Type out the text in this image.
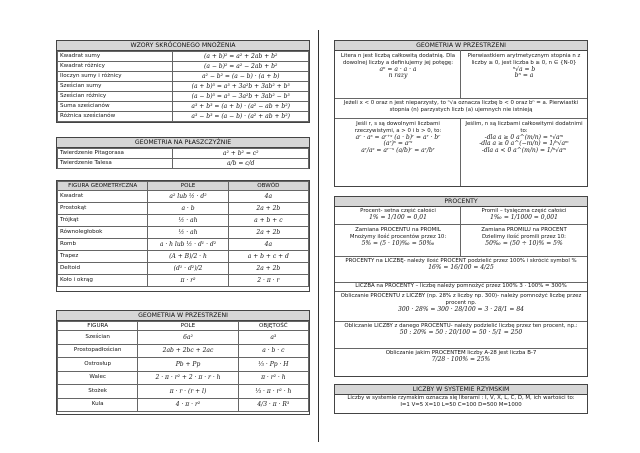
WZORY SKRÓCONEGO MNOŻENIA
Kwadrat sumy	(a + b)² = a² + 2ab + b²
Kwadrat różnicy	(a − b)² = a² − 2ab + b²
Iloczyn sumy i różnicy	a² − b² = (a − b) · (a + b)
Sześcian sumy	(a + b)³ = a³ + 3a²b + 3ab² + b³
Sześcian różnicy	(a − b)³ = a³ − 3a²b + 3ab² − b³
Suma sześcianów	a³ + b³ = (a + b) · (a² − ab + b²)
Różnica sześcianów	a³ − b³ = (a − b) · (a² + ab + b²)
GEOMETRIA NA PŁASZCZYŹNIE
Twierdzenie Pitagorasa	a² + b² = c²
Twierdzenie Talesa	a/b = c/d
FIGURA GEOMETRYCZNA	POLE	OBWÓD
Kwadrat	a² lub ½ · d²	4a
Prostokąt	a · b	2a + 2b
Trójkąt	½ · ah	a + b + c
Równoległobok	½ · ah	2a + 2b
Romb	a · h lub ½ · d¹ · d²	4a
Trapez	(A + B)/2 · h	a + b + c + d
Deltoid	(d¹ · d²)/2	2a + 2b
Koło i okrąg	π · r²	2 · π · r
GEOMETRIA W PRZESTRZENI
FIGURA	POLE	OBJĘTOŚĆ
Sześcian	6a²	a³
Prostopadłościan	2ab + 2bc + 2ac	a · b · c
Ostrosłup	Pb + Pp	⅓ · Pp · H
Walec	2 · π · r² + 2 · π · r · h	π · r² · h
Stożek	π · r · (r + l)	⅓ · π · r² · h
Kula	4 · π · r²	4/3 · π · R³
GEOMETRIA W PRZESTRZENI
Litera n jest liczbą całkowitą dodatnią. Dla dowolnej liczby a definiujemy jej potęgę:
aⁿ = a · a · a
n razy
Pierwiastkiem arytmetycznym stopnia n z liczby ≥ 0, jest liczba b ≥ 0, n ∈ {N-0}
ⁿ√a = b
bⁿ = a
Jeżeli x < 0 oraz n jest nieparzysty, to ⁿ√a oznacza liczbę b < 0 oraz bⁿ = a. Pierwiastki stopnia (n) parzystych liczb (a) ujemnych nie istnieją
Jeśli r, s są dowolnymi liczbami rzeczywistymi, a > 0 i b > 0, to:
aʳ · aˢ = aʳ⁺ˢ (a · b)ʳ = aʳ · bʳ
(aʳ)ˢ = aʳˢ
aʳ/aˢ = aʳ⁻ˢ (a/b)ʳ = aʳ/bʳ
Jeślim, n są liczbami całkowitymi dodatnimi to:
-dla a ≥ 0 a^(m/n) = ⁿ√aᵐ
-dla a ≥ 0 a^(−m/n) = 1/ⁿ√aᵐ
-dla a < 0 a^(m/n) = 1/ⁿ√aᵐ
PROCENTY
Procent- setna część całości
1% = 1/100 = 0,01
Promil – tysięczna część całości
1‰ = 1/1000 = 0,001
Zamiana PROCENTU na PROMIL
Mnożymy ilość procentów przez 10:
5% = (5 · 10)‰ = 50‰
Zamiana PROMILU na PROCENT
Dzielimy ilość promili przez 10:
50‰ = (50 ÷ 10)% = 5%
PROCENTY na LICZBĘ- należy ilość PROCENT podzielić przez 100% i skrócić symbol %
16% = 16/100 = 4/25
LICZBA na PROCENTY – liczbę należy pomnożyć przez 100% 3 · 100% = 300%
Obliczanie PROCENTU z LICZBY (np. 28% z liczby np. 300)- należy pomnożyć liczbę przez procent np.
300 · 28% = 300 · 28/100 = 3 · 28/1 = 84
Obliczanie LICZBY z danego PROCENTU- należy podzielić liczbę przez ten procent, np.:
50 : 20% = 50 : 20/100 = 50 · 5/1 = 250
Obliczanie jakim PROCENTEM liczby A-28 jest liczba B-7
7/28 · 100% = 25%
LICZBY W SYSTEMIE RZYMSKIM
Liczby w systemie rzymskim oznacza się literami : I, V, X, L, C, D, M, ich wartości to:
I=1 V=5 X=10 L=50 C=100 D=500 M=1000
